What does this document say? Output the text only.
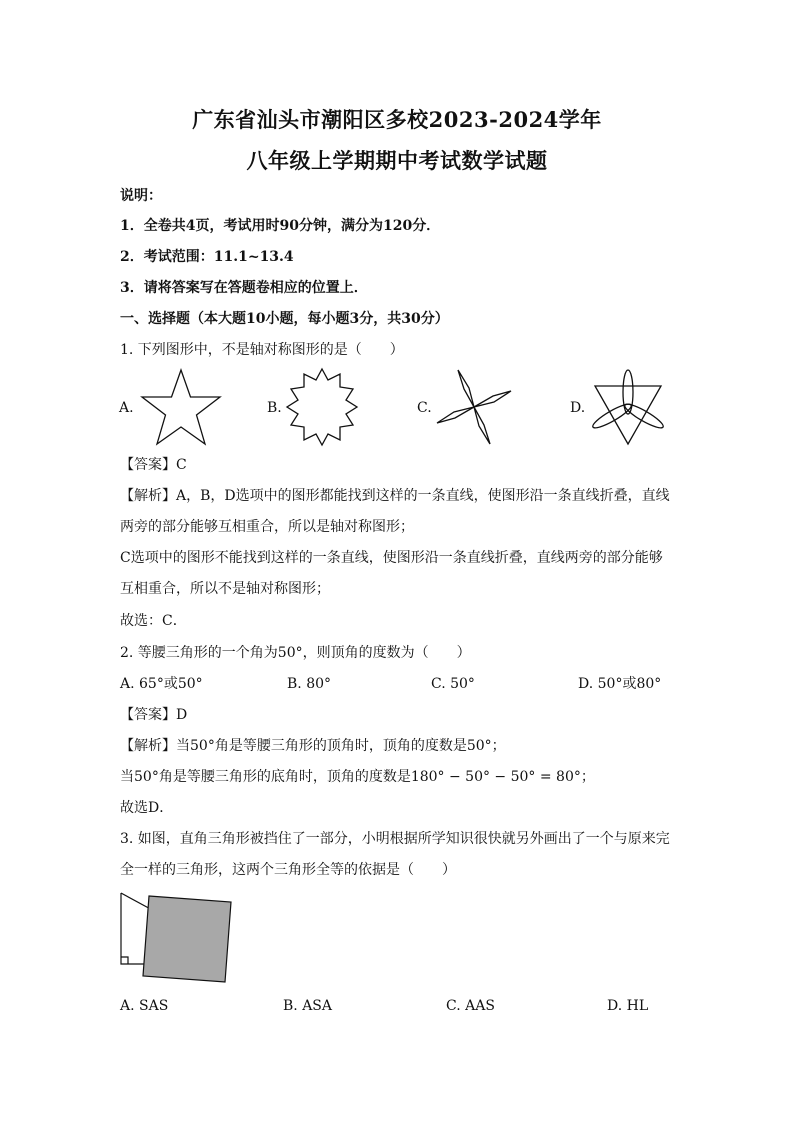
广东省汕头市潮阳区多校2023-2024学年
八年级上学期期中考试数学试题
说明：
1．全卷共4页，考试用时90分钟，满分为120分．
2．考试范围：11.1~13.4
3．请将答案写在答题卷相应的位置上．
一、选择题（本大题10小题，每小题3分，共30分）
1. 下列图形中，不是轴对称图形的是（　　）
A.	B.	C.	D.
【答案】C
【解析】A，B，D选项中的图形都能找到这样的一条直线，使图形沿一条直线折叠，直线
两旁的部分能够互相重合，所以是轴对称图形；
C选项中的图形不能找到这样的一条直线，使图形沿一条直线折叠，直线两旁的部分能够
互相重合，所以不是轴对称图形；
故选：C．
2. 等腰三角形的一个角为50°，则顶角的度数为（　　）
A. 65°或50°	B. 80°	C. 50°	D. 50°或80°
【答案】D
【解析】当50°角是等腰三角形的顶角时，顶角的度数是50°；
当50°角是等腰三角形的底角时，顶角的度数是180° − 50° − 50° = 80°；
故选D．
3. 如图，直角三角形被挡住了一部分，小明根据所学知识很快就另外画出了一个与原来完
全一样的三角形，这两个三角形全等的依据是（　　）
A. SAS	B. ASA	C. AAS	D. HL
